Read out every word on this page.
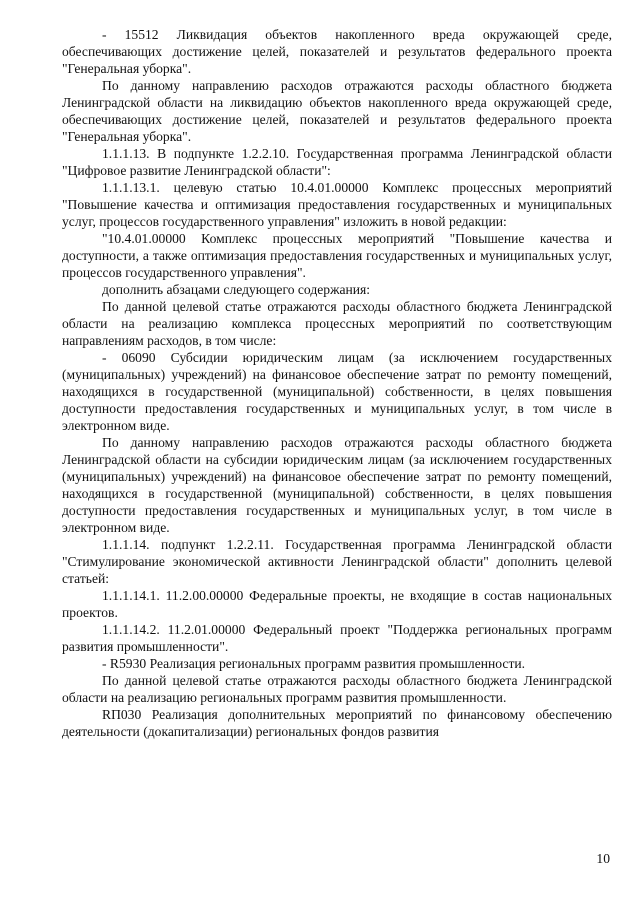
- 15512 Ликвидация объектов накопленного вреда окружающей среде, обеспечивающих достижение целей, показателей и результатов федерального проекта "Генеральная уборка".

По данному направлению расходов отражаются расходы областного бюджета Ленинградской области на ликвидацию объектов накопленного вреда окружающей среде, обеспечивающих достижение целей, показателей и результатов федерального проекта "Генеральная уборка".

1.1.1.13. В подпункте 1.2.2.10. Государственная программа Ленинградской области "Цифровое развитие Ленинградской области":

1.1.1.13.1. целевую статью 10.4.01.00000 Комплекс процессных мероприятий "Повышение качества и оптимизация предоставления государственных и муниципальных услуг, процессов государственного управления" изложить в новой редакции:

"10.4.01.00000 Комплекс процессных мероприятий "Повышение качества и доступности, а также оптимизация предоставления государственных и муниципальных услуг, процессов государственного управления".

дополнить абзацами следующего содержания:

По данной целевой статье отражаются расходы областного бюджета Ленинградской области на реализацию комплекса процессных мероприятий по соответствующим направлениям расходов, в том числе:

- 06090 Субсидии юридическим лицам (за исключением государственных (муниципальных) учреждений) на финансовое обеспечение затрат по ремонту помещений, находящихся в государственной (муниципальной) собственности, в целях повышения доступности предоставления государственных и муниципальных услуг, в том числе в электронном виде.

По данному направлению расходов отражаются расходы областного бюджета Ленинградской области на субсидии юридическим лицам (за исключением государственных (муниципальных) учреждений) на финансовое обеспечение затрат по ремонту помещений, находящихся в государственной (муниципальной) собственности, в целях повышения доступности предоставления государственных и муниципальных услуг, в том числе в электронном виде.

1.1.1.14. подпункт 1.2.2.11. Государственная программа Ленинградской области "Стимулирование экономической активности Ленинградской области" дополнить целевой статьей:

1.1.1.14.1. 11.2.00.00000 Федеральные проекты, не входящие в состав национальных проектов.

1.1.1.14.2. 11.2.01.00000 Федеральный проект "Поддержка региональных программ развития промышленности".

- R5930 Реализация региональных программ развития промышленности.

По данной целевой статье отражаются расходы областного бюджета Ленинградской области на реализацию региональных программ развития промышленности.

RП030 Реализация дополнительных мероприятий по финансовому обеспечению деятельности (докапитализации) региональных фондов развития

10
